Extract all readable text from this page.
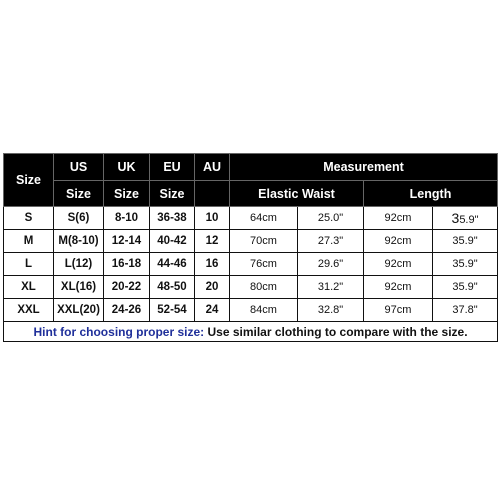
Size	US	UK	EU	AU	Measurement			
	Size	Size	Size		Elastic Waist		Length	
S	S(6)	8-10	36-38	10	64cm	25.0"	92cm	35.9"
M	M(8-10)	12-14	40-42	12	70cm	27.3"	92cm	35.9"
L	L(12)	16-18	44-46	16	76cm	29.6"	92cm	35.9"
XL	XL(16)	20-22	48-50	20	80cm	31.2"	92cm	35.9"
XXL	XXL(20)	24-26	52-54	24	84cm	32.8"	97cm	37.8"
Hint for choosing proper size: Use similar clothing to compare with the size.								
